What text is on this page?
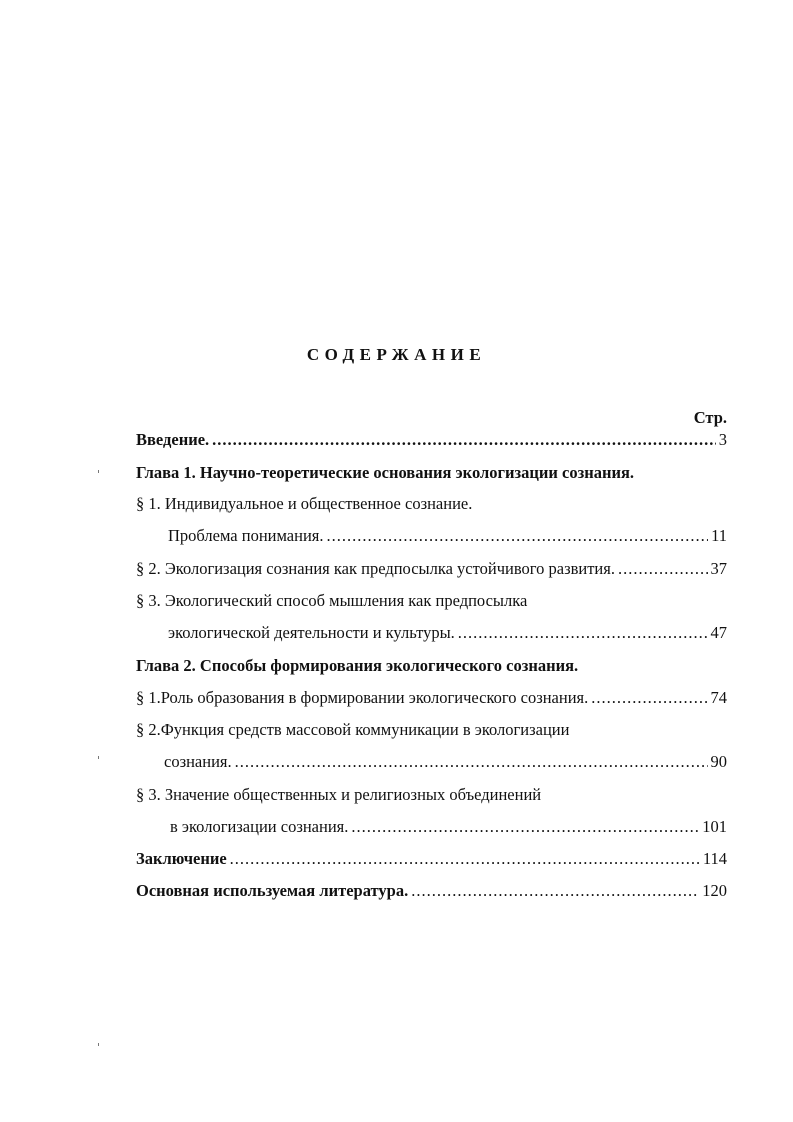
СОДЕРЖАНИЕ
Стр.
Введение. .....	3
Глава 1. Научно-теоретические основания экологизации сознания.
§ 1. Индивидуальное и общественное сознание.
Проблема понимания. .....	11
§ 2. Экологизация сознания как предпосылка устойчивого развития. .....	37
§ 3. Экологический способ мышления как предпосылка
экологической деятельности и культуры. .....	47
Глава 2. Способы формирования экологического сознания.
§ 1.Роль образования в формировании экологического сознания. .....	74
§ 2.Функция средств массовой коммуникации в экологизации
сознания. .....	90
§ 3. Значение общественных и религиозных объединений
в экологизации сознания. .....	101
Заключение .....	114
Основная используемая литература. .....	120
